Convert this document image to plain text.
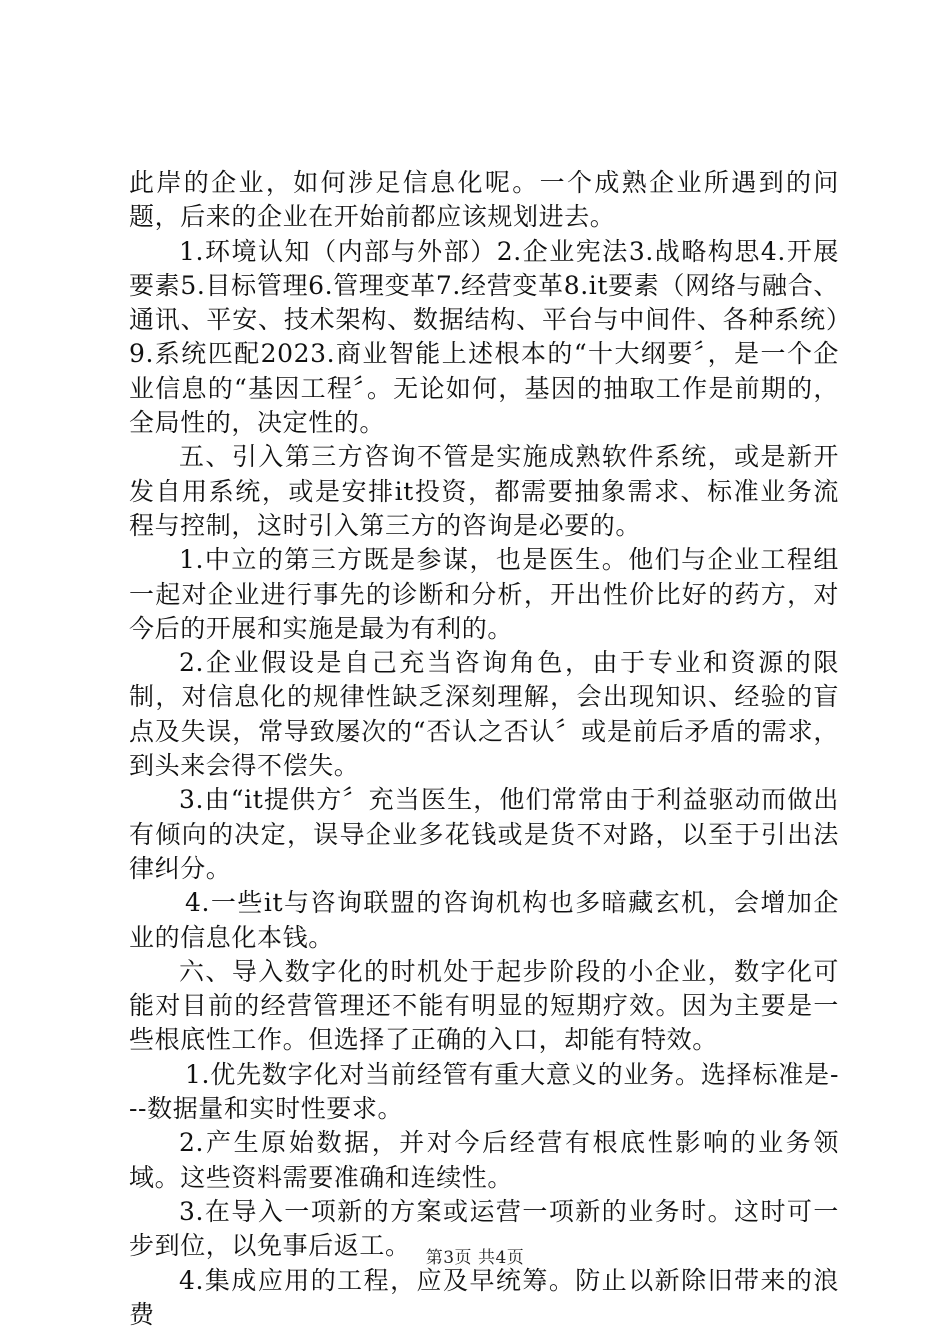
此岸的企业，如何涉足信息化呢。一个成熟企业所遇到的问题，后来的企业在开始前都应该规划进去。

1.环境认知（内部与外部）2.企业宪法3.战略构思4.开展要素5.目标管理6.管理变革7.经营变革8.it要素（网络与融合、通讯、平安、技术架构、数据结构、平台与中间件、各种系统）9.系统匹配2023.商业智能上述根本的“十大纲要〞，是一个企业信息的“基因工程〞。无论如何，基因的抽取工作是前期的，全局性的，决定性的。

五、引入第三方咨询不管是实施成熟软件系统，或是新开发自用系统，或是安排it投资，都需要抽象需求、标准业务流程与控制，这时引入第三方的咨询是必要的。

1.中立的第三方既是参谋，也是医生。他们与企业工程组一起对企业进行事先的诊断和分析，开出性价比好的药方，对今后的开展和实施是最为有利的。

2.企业假设是自己充当咨询角色，由于专业和资源的限制，对信息化的规律性缺乏深刻理解，会出现知识、经验的盲点及失误，常导致屡次的“否认之否认〞或是前后矛盾的需求，到头来会得不偿失。

3.由“it提供方〞充当医生，他们常常由于利益驱动而做出有倾向的决定，误导企业多花钱或是货不对路，以至于引出法律纠分。

4.一些it与咨询联盟的咨询机构也多暗藏玄机，会增加企业的信息化本钱。

六、导入数字化的时机处于起步阶段的小企业，数字化可能对目前的经营管理还不能有明显的短期疗效。因为主要是一些根底性工作。但选择了正确的入口，却能有特效。

1.优先数字化对当前经管有重大意义的业务。选择标准是---数据量和实时性要求。

2.产生原始数据，并对今后经营有根底性影响的业务领域。这些资料需要准确和连续性。

3.在导入一项新的方案或运营一项新的业务时。这时可一步到位，以免事后返工。

4.集成应用的工程，应及早统筹。防止以新除旧带来的浪费

第3页 共4页
